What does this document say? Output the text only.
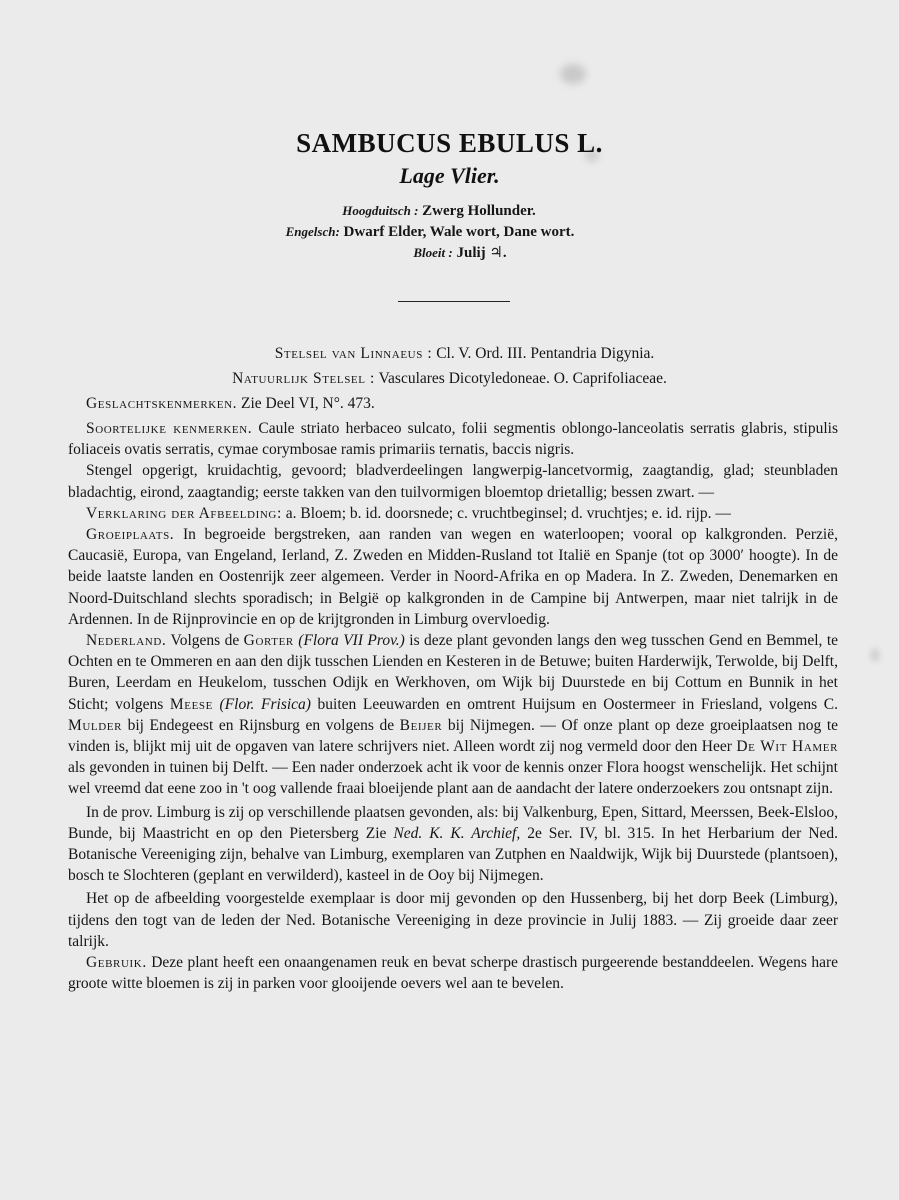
SAMBUCUS EBULUS L.
Lage Vlier.
Hoogduitsch : Zwerg Hollunder.
Engelsch: Dwarf Elder, Wale wort, Dane wort.
Bloeit : Julij ♃.
Stelsel van Linnaeus : Cl. V. Ord. III. Pentandria Digynia.
Natuurlijk Stelsel : Vasculares Dicotyledoneae. O. Caprifoliaceae.
Geslachtskenmerken. Zie Deel VI, N°. 473.

Soortelijke kenmerken. Caule striato herbaceo sulcato, folii segmentis oblongo-lanceolatis serratis glabris, stipulis foliaceis ovatis serratis, cymae corymbosae ramis primariis ternatis, baccis nigris.

Stengel opgerigt, kruidachtig, gevoord; bladverdeelingen langwerpig-lancetvormig, zaagtandig, glad; steunbladen bladachtig, eirond, zaagtandig; eerste takken van den tuilvormigen bloemtop drietallig; bessen zwart. —

Verklaring der Afbeelding: a. Bloem; b. id. doorsnede; c. vruchtbeginsel; d. vruchtjes; e. id. rijp. —

Groeiplaats. In begroeide bergstreken, aan randen van wegen en waterloopen; vooral op kalkgronden. Perzië, Caucasië, Europa, van Engeland, Ierland, Z. Zweden en Midden-Rusland tot Italië en Spanje (tot op 3000′ hoogte). In de beide laatste landen en Oostenrijk zeer algemeen. Verder in Noord-Afrika en op Madera. In Z. Zweden, Denemarken en Noord-Duitschland slechts sporadisch; in België op kalkgronden in de Campine bij Antwerpen, maar niet talrijk in de Ardennen. In de Rijnprovincie en op de krijtgronden in Limburg overvloedig.

Nederland. Volgens de Gorter (Flora VII Prov.) is deze plant gevonden langs den weg tusschen Gend en Bemmel, te Ochten en te Ommeren en aan den dijk tusschen Lienden en Kesteren in de Betuwe; buiten Harderwijk, Terwolde, bij Delft, Buren, Leerdam en Heukelom, tusschen Odijk en Werkhoven, om Wijk bij Duurstede en bij Cottum en Bunnik in het Sticht; volgens Meese (Flor. Frisica) buiten Leeuwarden en omtrent Huijsum en Oostermeer in Friesland, volgens C. Mulder bij Endegeest en Rijnsburg en volgens de Beijer bij Nijmegen. — Of onze plant op deze groeiplaatsen nog te vinden is, blijkt mij uit de opgaven van latere schrijvers niet. Alleen wordt zij nog vermeld door den Heer De Wit Hamer als gevonden in tuinen bij Delft. — Een nader onderzoek acht ik voor de kennis onzer Flora hoogst wenschelijk. Het schijnt wel vreemd dat eene zoo in 't oog vallende fraai bloeijende plant aan de aandacht der latere onderzoekers zou ontsnapt zijn.

In de prov. Limburg is zij op verschillende plaatsen gevonden, als: bij Valkenburg, Epen, Sittard, Meerssen, Beek-Elsloo, Bunde, bij Maastricht en op den Pietersberg Zie Ned. K. K. Archief, 2e Ser. IV, bl. 315. In het Herbarium der Ned. Botanische Vereeniging zijn, behalve van Limburg, exemplaren van Zutphen en Naaldwijk, Wijk bij Duurstede (plantsoen), bosch te Slochteren (geplant en verwilderd), kasteel in de Ooy bij Nijmegen.

Het op de afbeelding voorgestelde exemplaar is door mij gevonden op den Hussenberg, bij het dorp Beek (Limburg), tijdens den togt van de leden der Ned. Botanische Vereeniging in deze provincie in Julij 1883. — Zij groeide daar zeer talrijk.

Gebruik. Deze plant heeft een onaangenamen reuk en bevat scherpe drastisch purgeerende bestanddeelen. Wegens hare groote witte bloemen is zij in parken voor glooijende oevers wel aan te bevelen.
